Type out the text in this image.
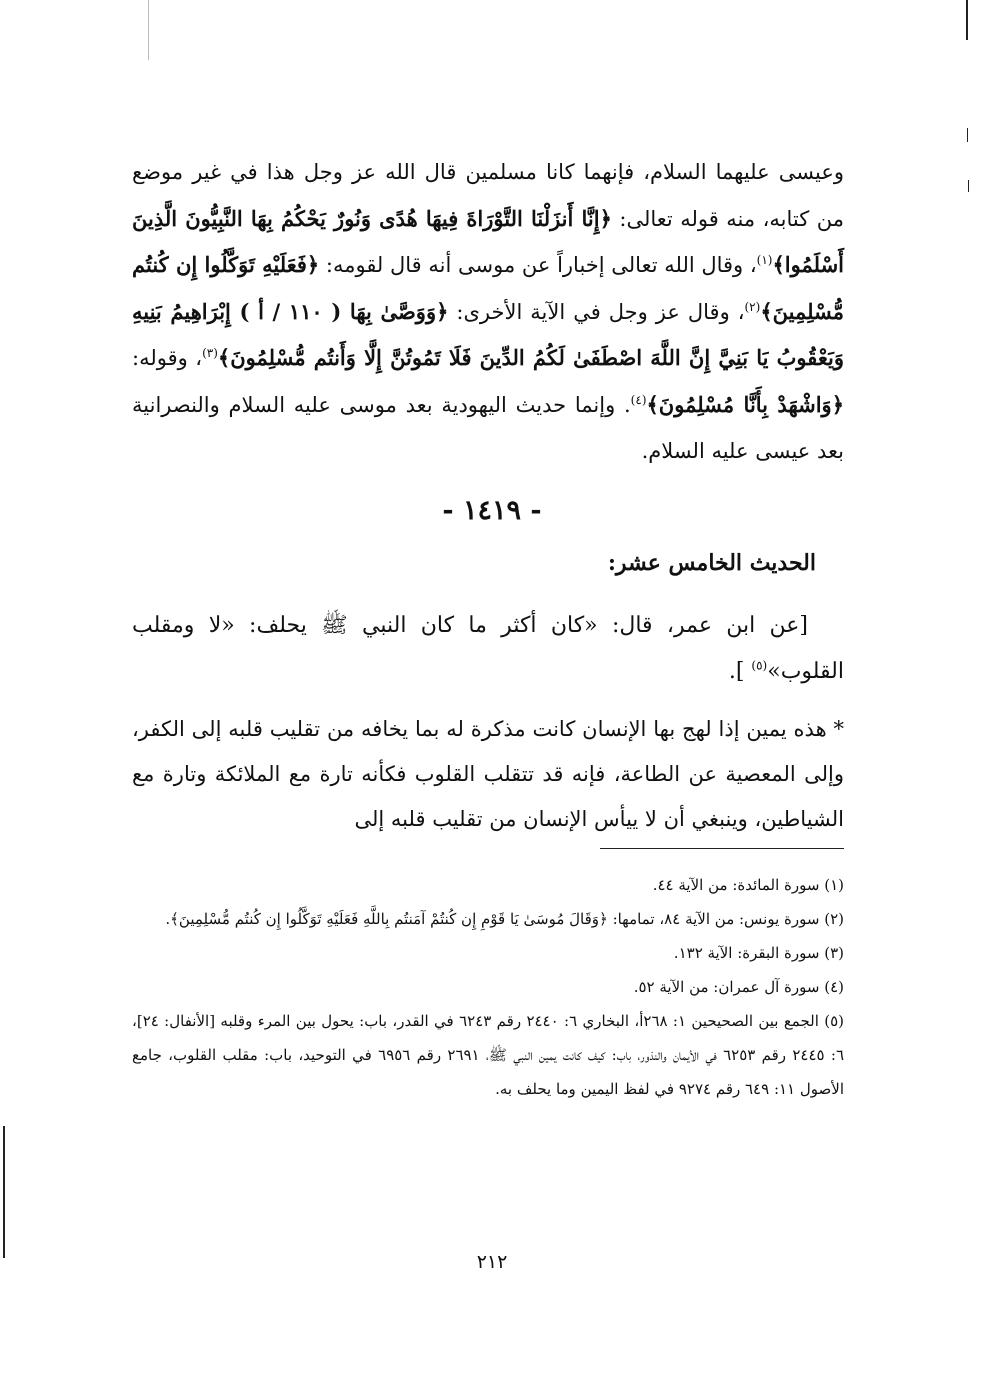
وعيسى عليهما السلام، فإنهما كانا مسلمين قال الله عز وجل هذا في غير موضع من كتابه، منه قوله تعالى: ﴿إِنَّا أَنزَلْنَا التَّوْرَاةَ فِيهَا هُدًى وَنُورٌ يَحْكُمُ بِهَا النَّبِيُّونَ الَّذِينَ أَسْلَمُوا﴾$^{(١)}$، وقال الله تعالى إخباراً عن موسى أنه قال لقومه: ﴿فَعَلَيْهِ تَوَكَّلُوا إِن كُنتُم مُّسْلِمِينَ﴾$^{(٢)}$، وقال عز وجل في الآية الأخرى: ﴿وَوَصَّىٰ بِهَا ( ١١٠ / أ ) إِبْرَاهِيمُ بَنِيهِ وَيَعْقُوبُ يَا بَنِيَّ إِنَّ اللَّهَ اصْطَفَىٰ لَكُمُ الدِّينَ فَلَا تَمُوتُنَّ إِلَّا وَأَنتُم مُّسْلِمُونَ﴾$^{(٣)}$، وقوله: ﴿وَاشْهَدْ بِأَنَّا مُسْلِمُونَ﴾$^{(٤)}$. وإنما حديث اليهودية بعد موسى عليه السلام والنصرانية بعد عيسى عليه السلام.

- ١٤١٩ -
الحديث الخامس عشر:
[عن ابن عمر، قال: «كان أكثر ما كان النبي ﷺ يحلف: «لا ومقلب القلوب»$^{(٥)}$ ].
* هذه يمين إذا لهج بها الإنسان كانت مذكرة له بما يخافه من تقليب قلبه إلى الكفر، وإلى المعصية عن الطاعة، فإنه قد تتقلب القلوب فكأنه تارة مع الملائكة وتارة مع الشياطين، وينبغي أن لا ييأس الإنسان من تقليب قلبه إلى

(١) سورة المائدة: من الآية ٤٤.

(٢) سورة يونس: من الآية ٨٤، تمامها: ﴿وَقَالَ مُوسَىٰ يَا قَوْمِ إِن كُنتُمْ آمَنتُم بِاللَّهِ فَعَلَيْهِ تَوَكَّلُوا إِن كُنتُم مُّسْلِمِينَ﴾.

(٣) سورة البقرة: الآية ١٣٢.

(٤) سورة آل عمران: من الآية ٥٢.

(٥) الجمع بين الصحيحين ١: ٢٦٨أ، البخاري ٦: ٢٤٤٠ رقم ٦٢٤٣ في القدر، باب: يحول بين المرء وقلبه [الأنفال: ٢٤]، ٦: ٢٤٤٥ رقم ٦٢٥٣ في الأيمان والنذور، باب: كيف كانت يمين النبي ﷺ، ٢٦٩١ رقم ٦٩٥٦ في التوحيد، باب: مقلب القلوب، جامع الأصول ١١: ٦٤٩ رقم ٩٢٧٤ في لفظ اليمين وما يحلف به.

٢١٢
